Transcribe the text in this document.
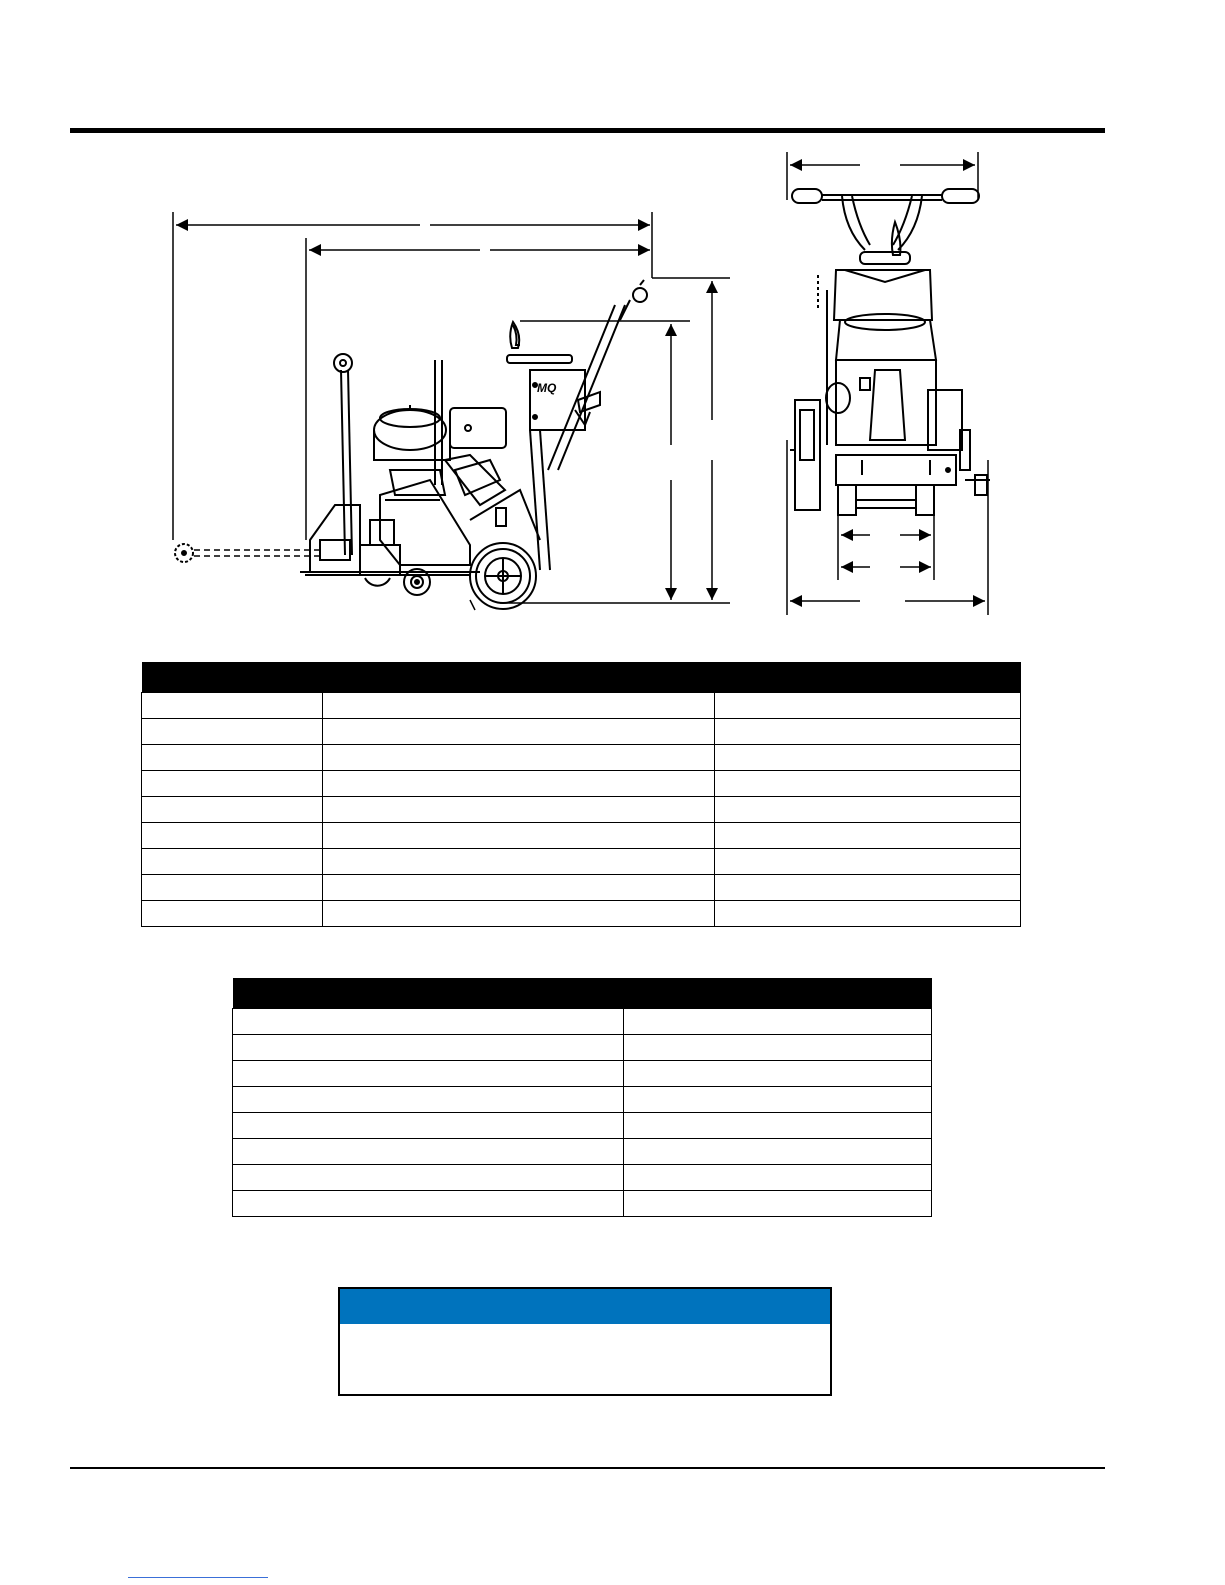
MQ
